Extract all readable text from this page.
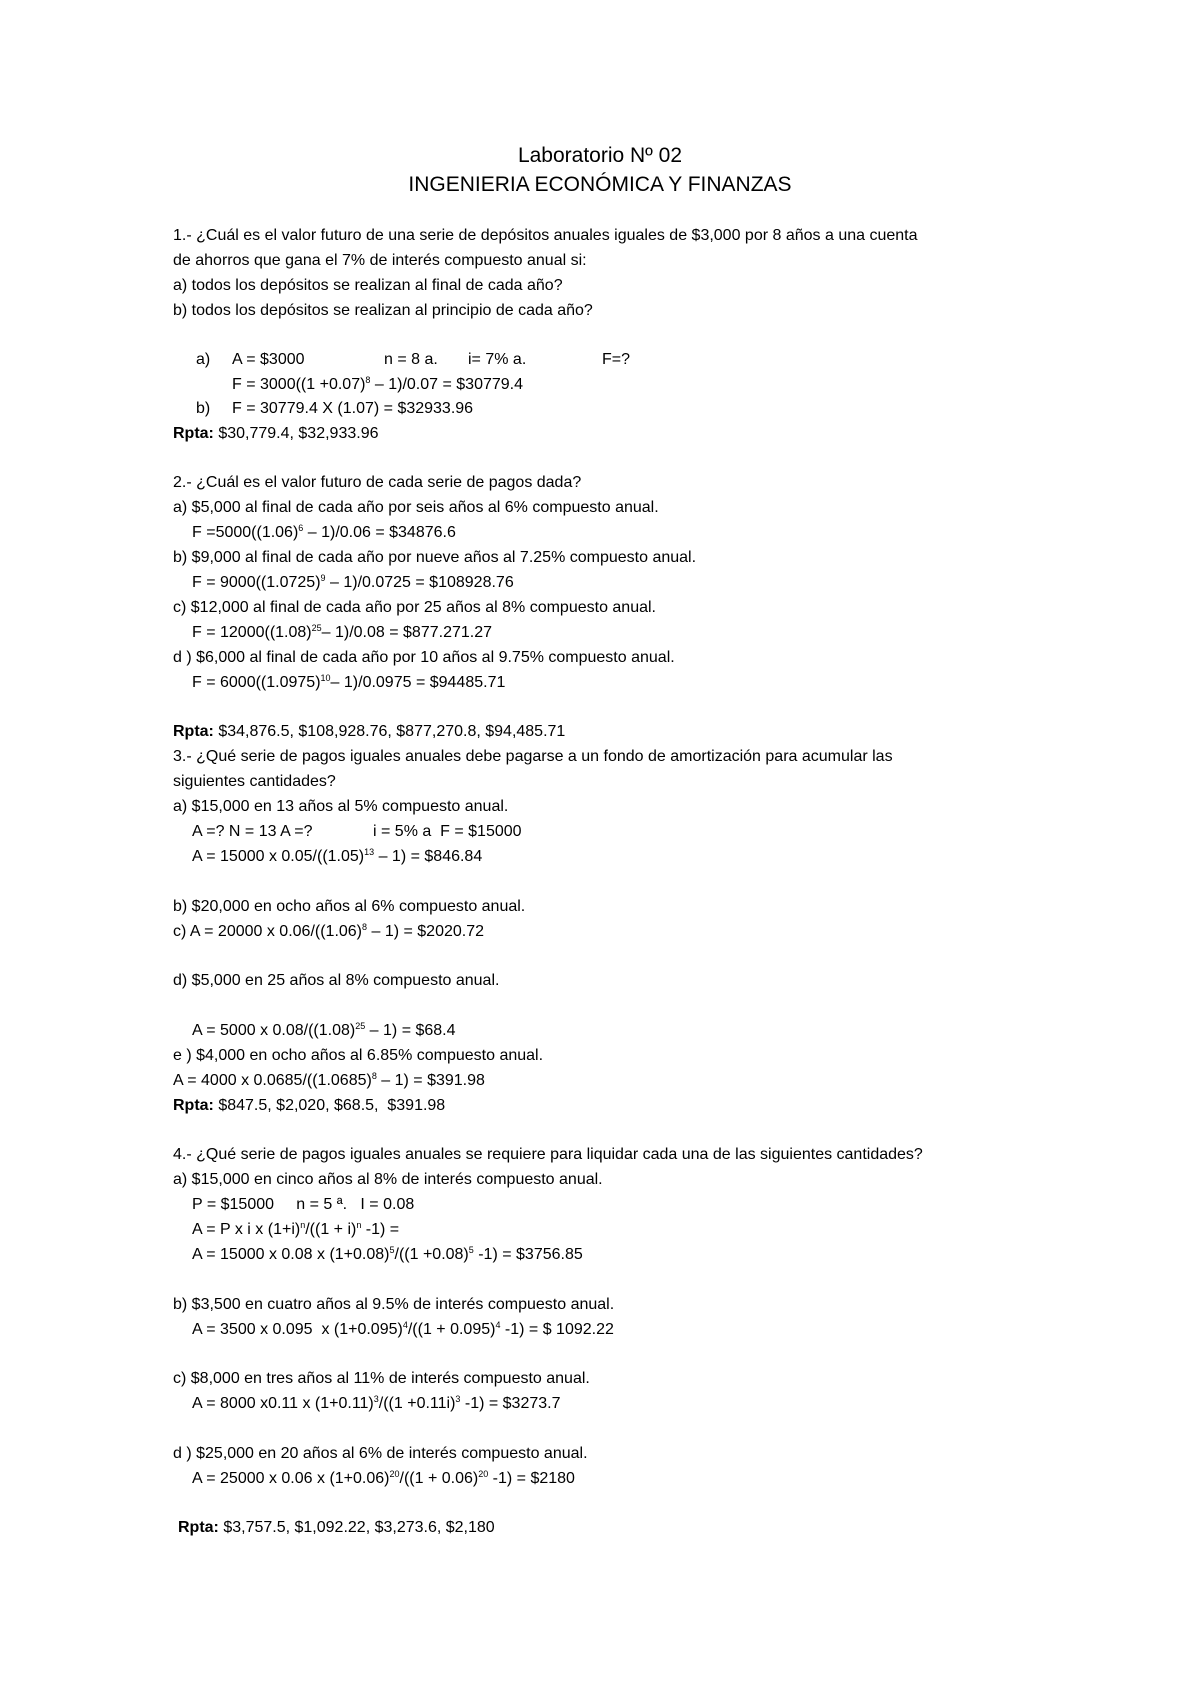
Laboratorio Nº 02
INGENIERIA ECONÓMICA Y FINANZAS
1.- ¿Cuál es el valor futuro de una serie de depósitos anuales iguales de $3,000 por 8 años a una cuenta
de ahorros que gana el 7% de interés compuesto anual si:
a) todos los depósitos se realizan al final de cada año?
b) todos los depósitos se realizan al principio de cada año?
a) A = $3000	n = 8 a. i= 7% a.	F=?
$F = 3000((1 +0.07)^8 - 1)/0.07$ = $30779.4
b) F = 30779.4 X (1.07) = $32933.96
Rpta: $30,779.4, $32,933.96
2.- ¿Cuál es el valor futuro de cada serie de pagos dada?
a) $5,000 al final de cada año por seis años al 6% compuesto anual.
$F =5000((1.06)^6 - 1)/0.06$ = $34876.6
b) $9,000 al final de cada año por nueve años al 7.25% compuesto anual.
$F = 9000((1.0725)^9 - 1)/0.0725$ = $108928.76
c) $12,000 al final de cada año por 25 años al 8% compuesto anual.
$F = 12000((1.08)^{25}-$ 1)/0.08 = $877.271.27
d ) $6,000 al final de cada año por 10 años al 9.75% compuesto anual.
$F = 6000((1.0975)^{10}-$ 1)/0.0975 = $94485.71
Rpta: $34,876.5, $108,928.76, $877,270.8, $94,485.71
3.- ¿Qué serie de pagos iguales anuales debe pagarse a un fondo de amortización para acumular las
siguientes cantidades?
a) $15,000 en 13 años al 5% compuesto anual.
A =? N = 13 A =?	i = 5% a  F = $15000
A = 15000 x $0.05/((1.05)^{13} - 1)$ = $846.84
b) $20,000 en ocho años al 6% compuesto anual.
c) A = 20000 x $0.06/((1.06)^8 - 1)$ = $2020.72
d) $5,000 en 25 años al 8% compuesto anual.
A = 5000 x $0.08/((1.08)^{25} - 1)$ = $68.4
e ) $4,000 en ocho años al 6.85% compuesto anual.
A = 4000 x $0.0685/((1.0685)^8 - 1)$ = $391.98
Rpta: $847.5, $2,020, $68.5,  $391.98
4.- ¿Qué serie de pagos iguales anuales se requiere para liquidar cada una de las siguientes cantidades?
a) $15,000 en cinco años al 8% de interés compuesto anual.
P = $15000     n = 5 ª.   I = 0.08
A = P x i x $(1+i)^n/((1 + i)^n$ -1) =
A = 15000 x 0.08 x $(1+0.08)^5/((1 +0.08)^5$ -1) = $3756.85
b) $3,500 en cuatro años al 9.5% de interés compuesto anual.
A = 3500 x 0.095  x $(1+0.095)^4/((1 + 0.095)^4$ -1) = $ 1092.22
c) $8,000 en tres años al 11% de interés compuesto anual.
A = 8000 x0.11 x $(1+0.11)^3/((1 +0.11i)^3$ -1) = $3273.7
d ) $25,000 en 20 años al 6% de interés compuesto anual.
A = 25000 x 0.06 x $(1+0.06)^{20}/((1 + 0.06)^{20}$ -1) = $2180
Rpta: $3,757.5, $1,092.22, $3,273.6, $2,180
